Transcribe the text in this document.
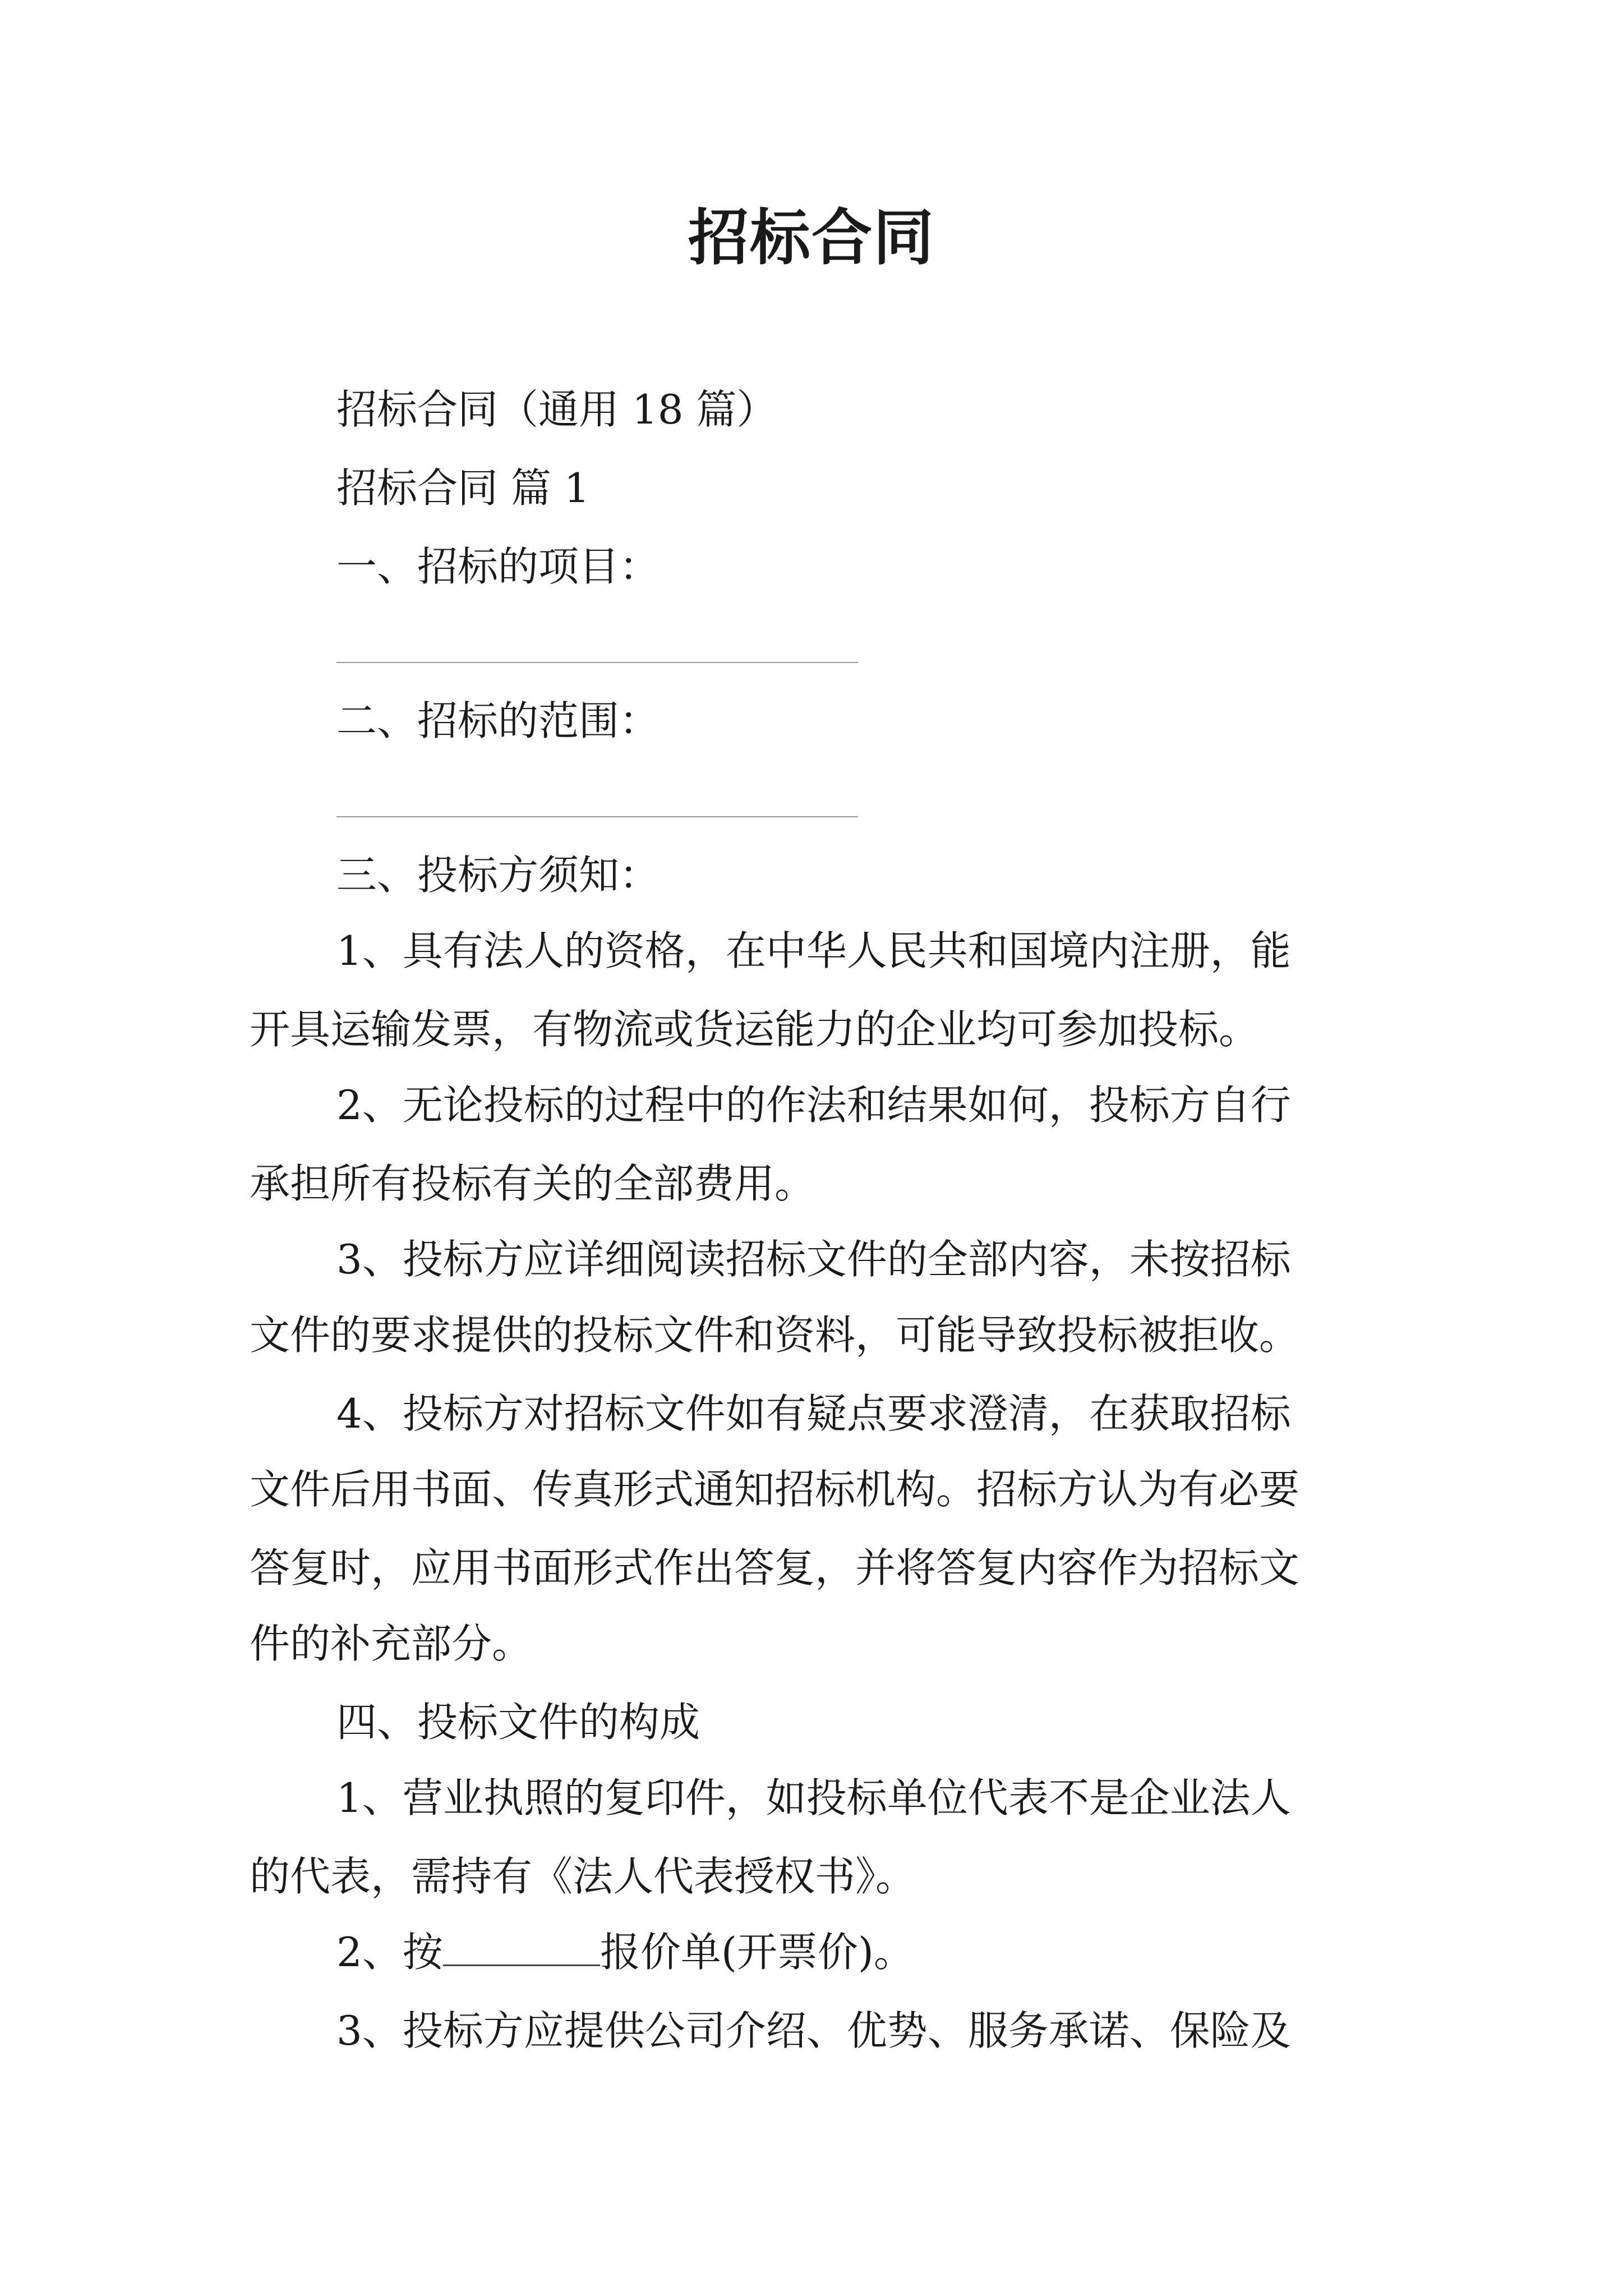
招标合同
招标合同（通用 18 篇）
招标合同 篇 1
一、招标的项目：
二、招标的范围：
三、投标方须知：
1、具有法人的资格，在中华人民共和国境内注册，能
开具运输发票，有物流或货运能力的企业均可参加投标。
2、无论投标的过程中的作法和结果如何，投标方自行
承担所有投标有关的全部费用。
3、投标方应详细阅读招标文件的全部内容，未按招标
文件的要求提供的投标文件和资料，可能导致投标被拒收。
4、投标方对招标文件如有疑点要求澄清，在获取招标
文件后用书面、传真形式通知招标机构。招标方认为有必要
答复时，应用书面形式作出答复，并将答复内容作为招标文
件的补充部分。
四、投标文件的构成
1、营业执照的复印件，如投标单位代表不是企业法人
的代表，需持有《法人代表授权书》。
2、按	报价单(开票价)。
3、投标方应提供公司介绍、优势、服务承诺、保险及
